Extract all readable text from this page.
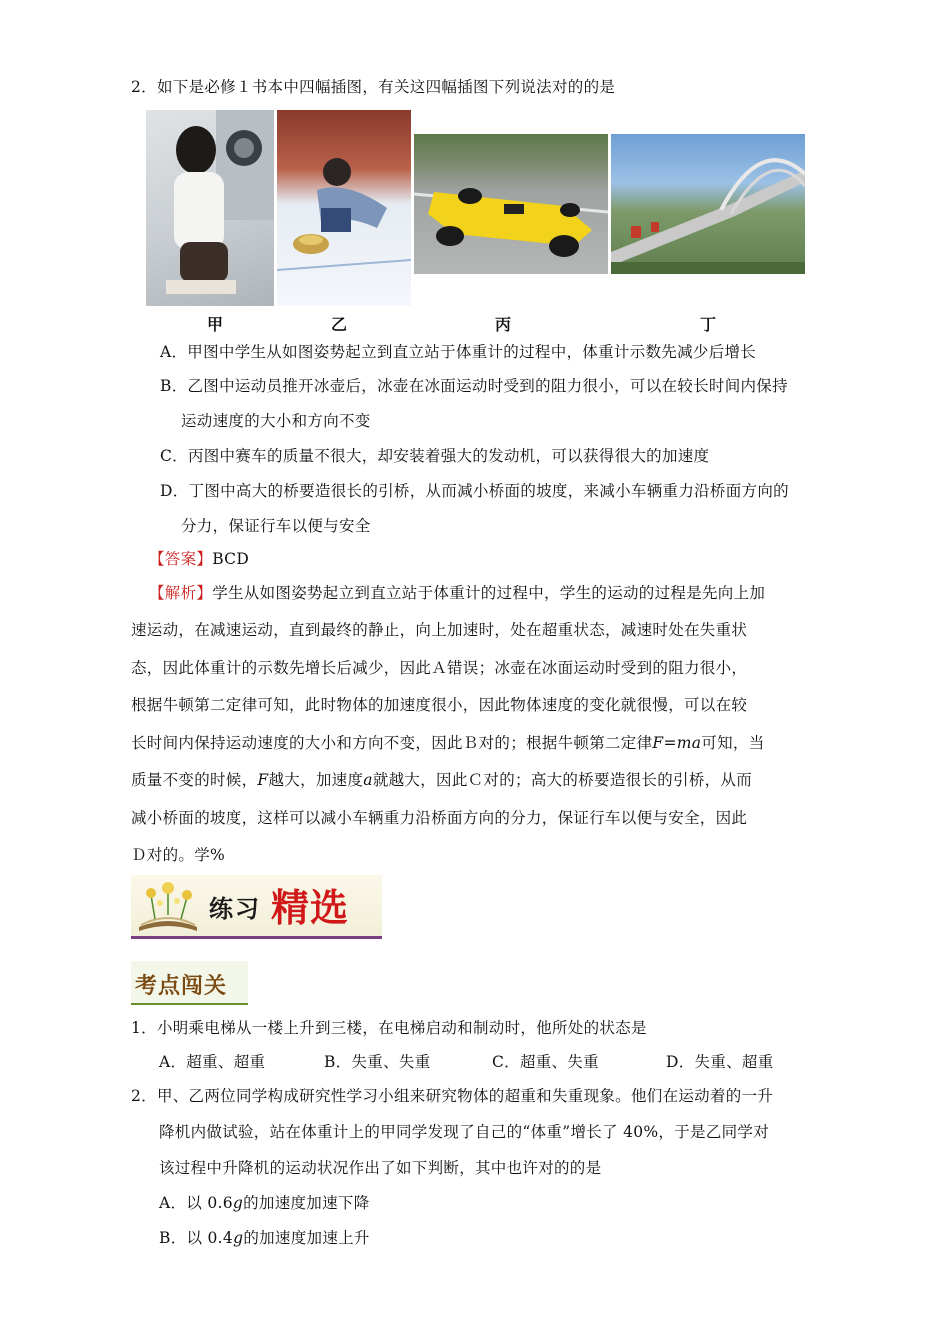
2．如下是必修１书本中四幅插图，有关这四幅插图下列说法对的的是
甲	乙	丙	丁
A．甲图中学生从如图姿势起立到直立站于体重计的过程中，体重计示数先减少后增长
B．乙图中运动员推开冰壶后，冰壶在冰面运动时受到的阻力很小，可以在较长时间内保持
运动速度的大小和方向不变
C．丙图中赛车的质量不很大，却安装着强大的发动机，可以获得很大的加速度
D．丁图中高大的桥要造很长的引桥，从而减小桥面的坡度，来减小车辆重力沿桥面方向的
分力，保证行车以便与安全
【答案】BCD
【解析】学生从如图姿势起立到直立站于体重计的过程中，学生的运动的过程是先向上加
速运动，在减速运动，直到最终的静止，向上加速时，处在超重状态，减速时处在失重状
态，因此体重计的示数先增长后减少，因此Ａ错误；冰壶在冰面运动时受到的阻力很小，
根据牛顿第二定律可知，此时物体的加速度很小，因此物体速度的变化就很慢，可以在较
长时间内保持运动速度的大小和方向不变，因此Ｂ对的；根据牛顿第二定律F=ma可知，当
质量不变的时候，F越大，加速度a就越大，因此Ｃ对的；高大的桥要造很长的引桥，从而
减小桥面的坡度，这样可以减小车辆重力沿桥面方向的分力，保证行车以便与安全，因此
Ｄ对的。学%
练习 精选
考点闯关
1．小明乘电梯从一楼上升到三楼，在电梯启动和制动时，他所处的状态是
A．超重、超重	B．失重、失重	C．超重、失重	D．失重、超重
2．甲、乙两位同学构成研究性学习小组来研究物体的超重和失重现象。他们在运动着的一升
降机内做试验，站在体重计上的甲同学发现了自己的“体重”增长了 40%，于是乙同学对
该过程中升降机的运动状况作出了如下判断，其中也许对的的是
A．以 0.6g的加速度加速下降
B．以 0.4g的加速度加速上升
